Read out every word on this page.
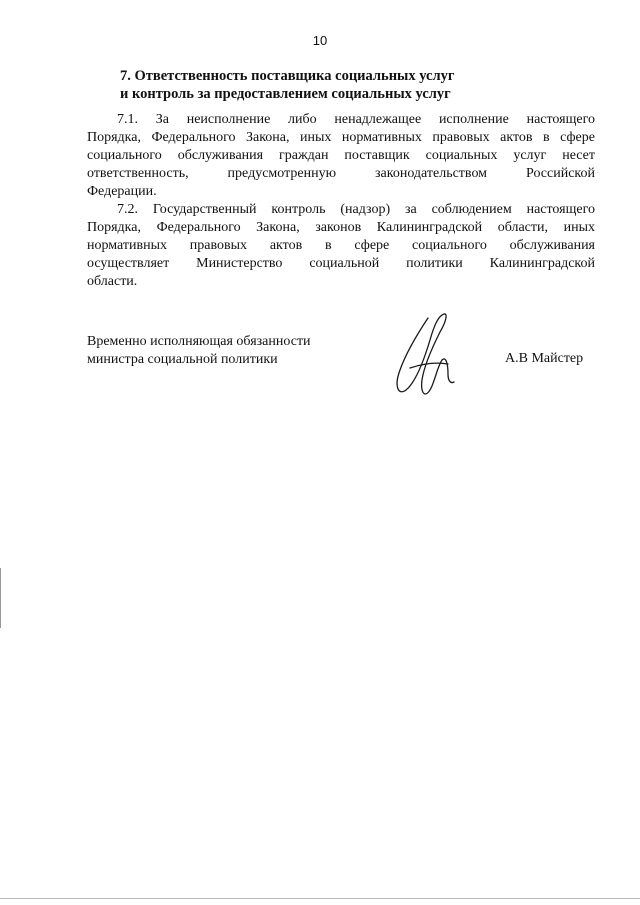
10
7. Ответственность поставщика социальных услуг
и контроль за предоставлением социальных услуг

7.1. За неисполнение либо ненадлежащее исполнение настоящего
Порядка, Федерального Закона, иных нормативных правовых актов в сфере
социального обслуживания граждан поставщик социальных услуг несет
ответственность, предусмотренную законодательством Российской
Федерации.

7.2. Государственный контроль (надзор) за соблюдением настоящего
Порядка, Федерального Закона, законов Калининградской области, иных
нормативных правовых актов в сфере социального обслуживания
осуществляет Министерство социальной политики Калининградской
области.

Временно исполняющая обязанности
министра социальной политики	А.В Майстер
